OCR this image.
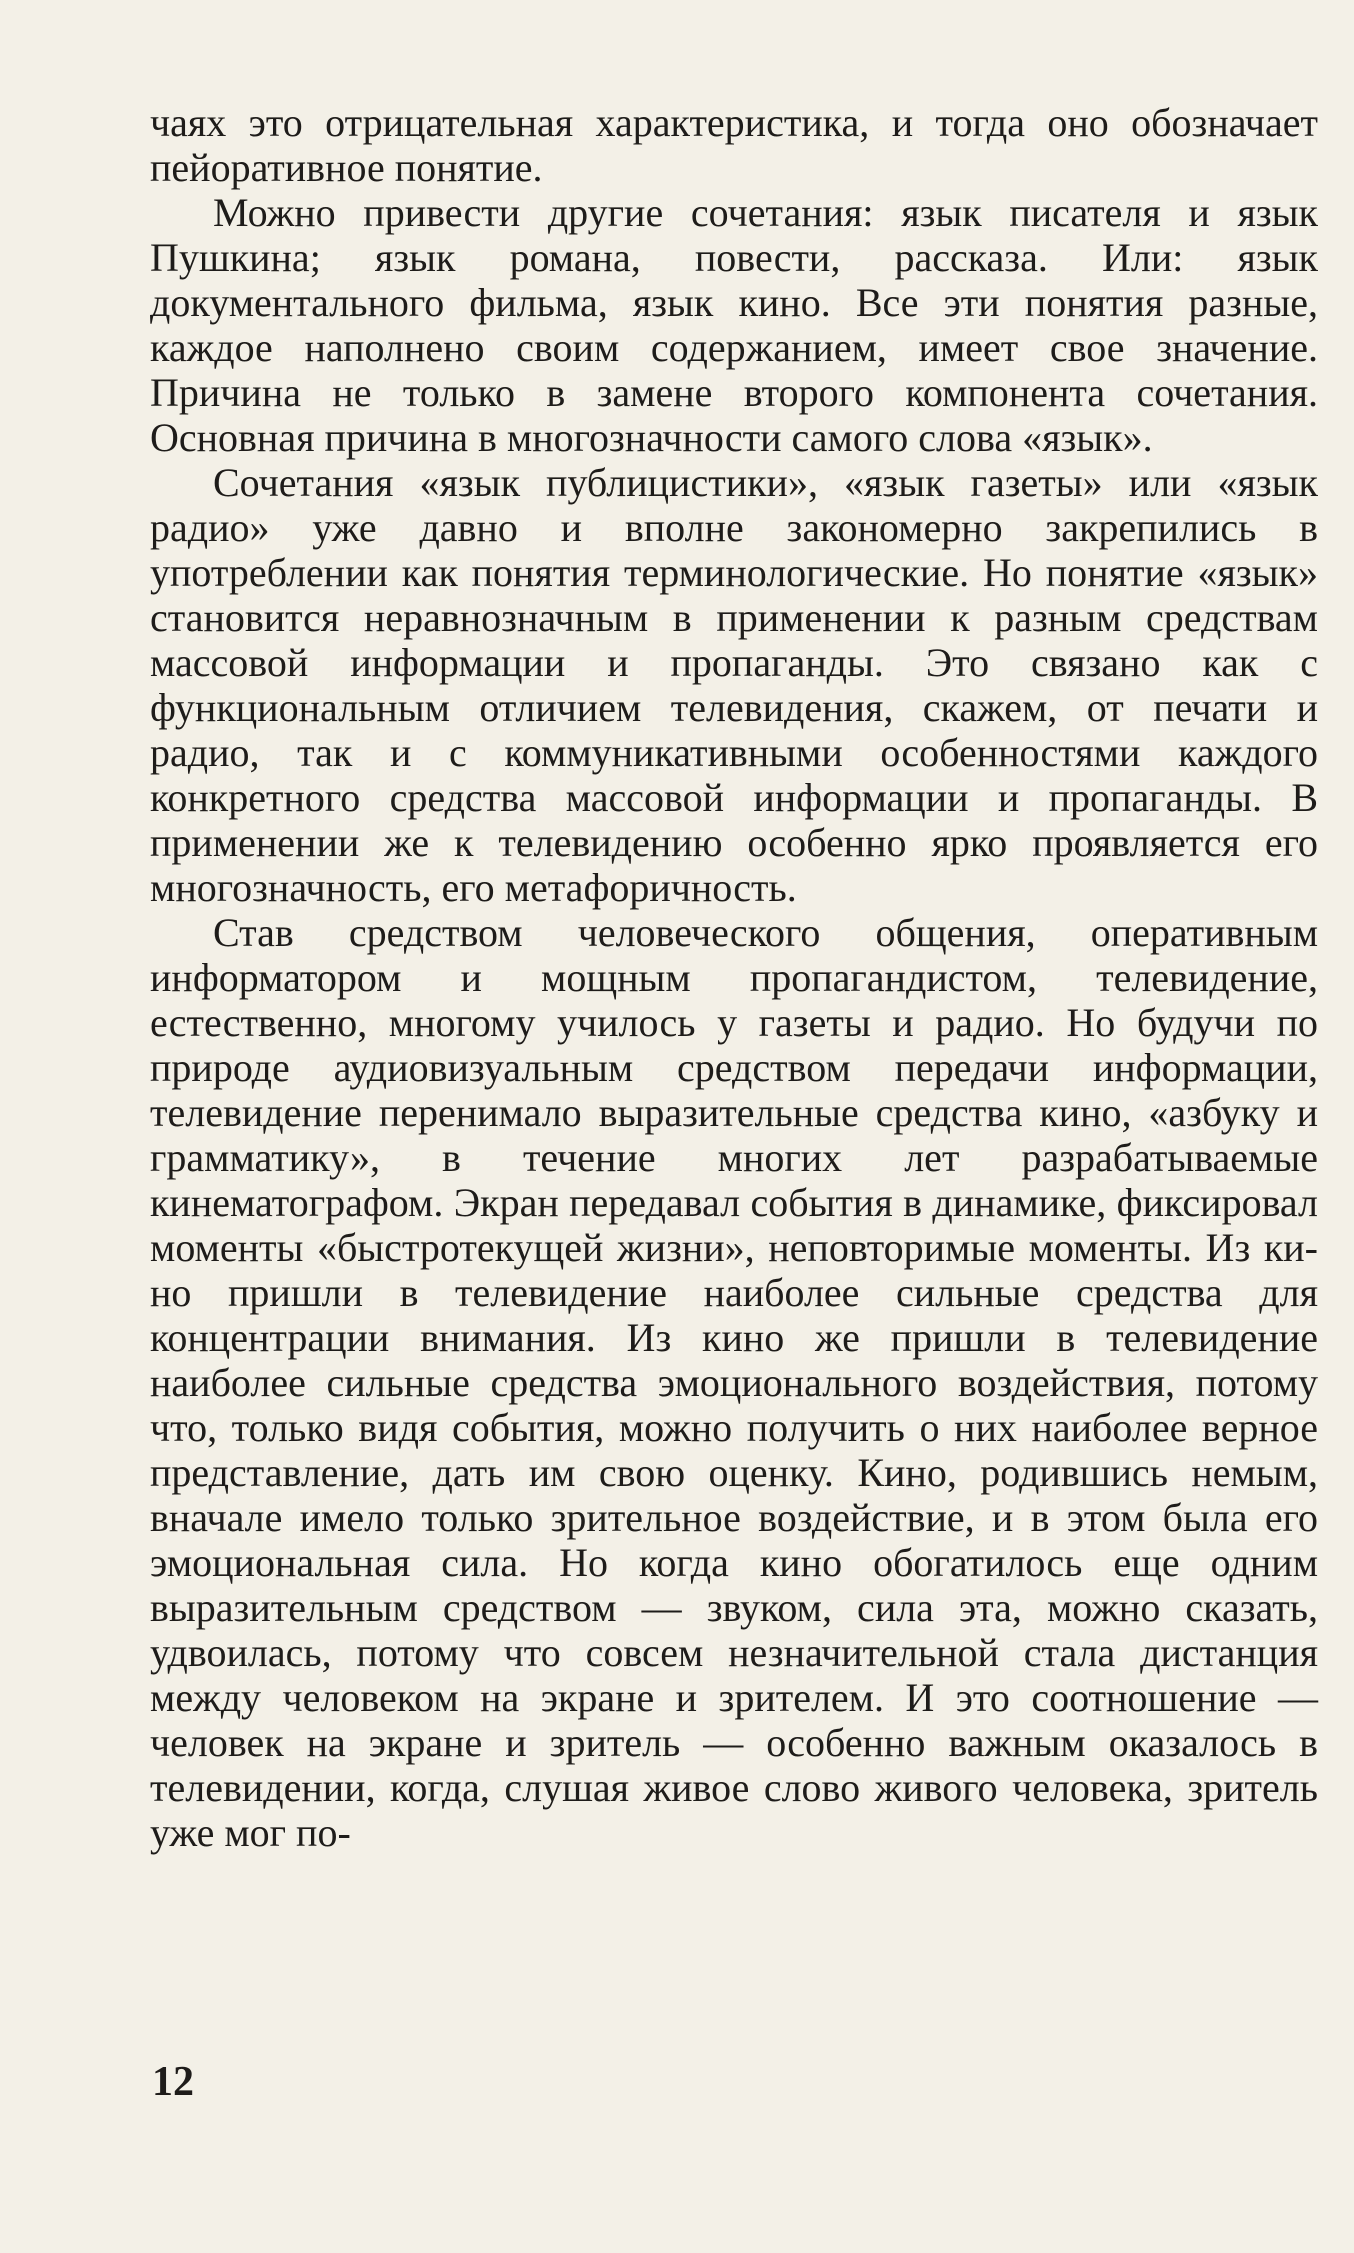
чаях это отрицательная характеристика, и тогда оно обозначает пейоративное понятие.

Можно привести другие сочетания: язык писателя и язык Пушкина; язык романа, повести, рассказа. Или: язык документального фильма, язык кино. Все эти понятия разные, каждое наполнено своим содержанием, имеет свое значение. Причина не только в замене второго компонента сочетания. Основная причина в многозначности самого слова «язык».

Сочетания «язык публицистики», «язык газеты» или «язык радио» уже давно и вполне закономерно закрепились в употреблении как понятия терминологические. Но понятие «язык» становится неравнозначным в применении к разным средствам массовой информации и пропаганды. Это связано как с функциональным отличием телевидения, скажем, от печати и радио, так и с коммуникативными особенностями каждого конкретного средства массовой информации и пропаганды. В применении же к телевидению особенно ярко проявляется его многозначность, его метафоричность.

Став средством человеческого общения, оперативным информатором и мощным пропагандистом, телевидение, естественно, многому училось у газеты и радио. Но будучи по природе аудиовизуальным средством передачи информации, телевидение перенимало выразительные средства кино, «азбуку и грамматику», в течение многих лет разрабатываемые кинематографом. Экран передавал события в динамике, фиксировал моменты «быстротекущей жизни», неповторимые моменты. Из кино пришли в телевидение наиболее сильные средства для концентрации внимания. Из кино же пришли в телевидение наиболее сильные средства эмоционального воздействия, потому что, только видя события, можно получить о них наиболее верное представление, дать им свою оценку. Кино, родившись немым, вначале имело только зрительное воздействие, и в этом была его эмоциональная сила. Но когда кино обогатилось еще одним выразительным средством — звуком, сила эта, можно сказать, удвоилась, потому что совсем незначительной стала дистанция между человеком на экране и зрителем. И это соотношение — человек на экране и зритель — особенно важным оказалось в телевидении, когда, слушая живое слово живого человека, зритель уже мог по-

12
